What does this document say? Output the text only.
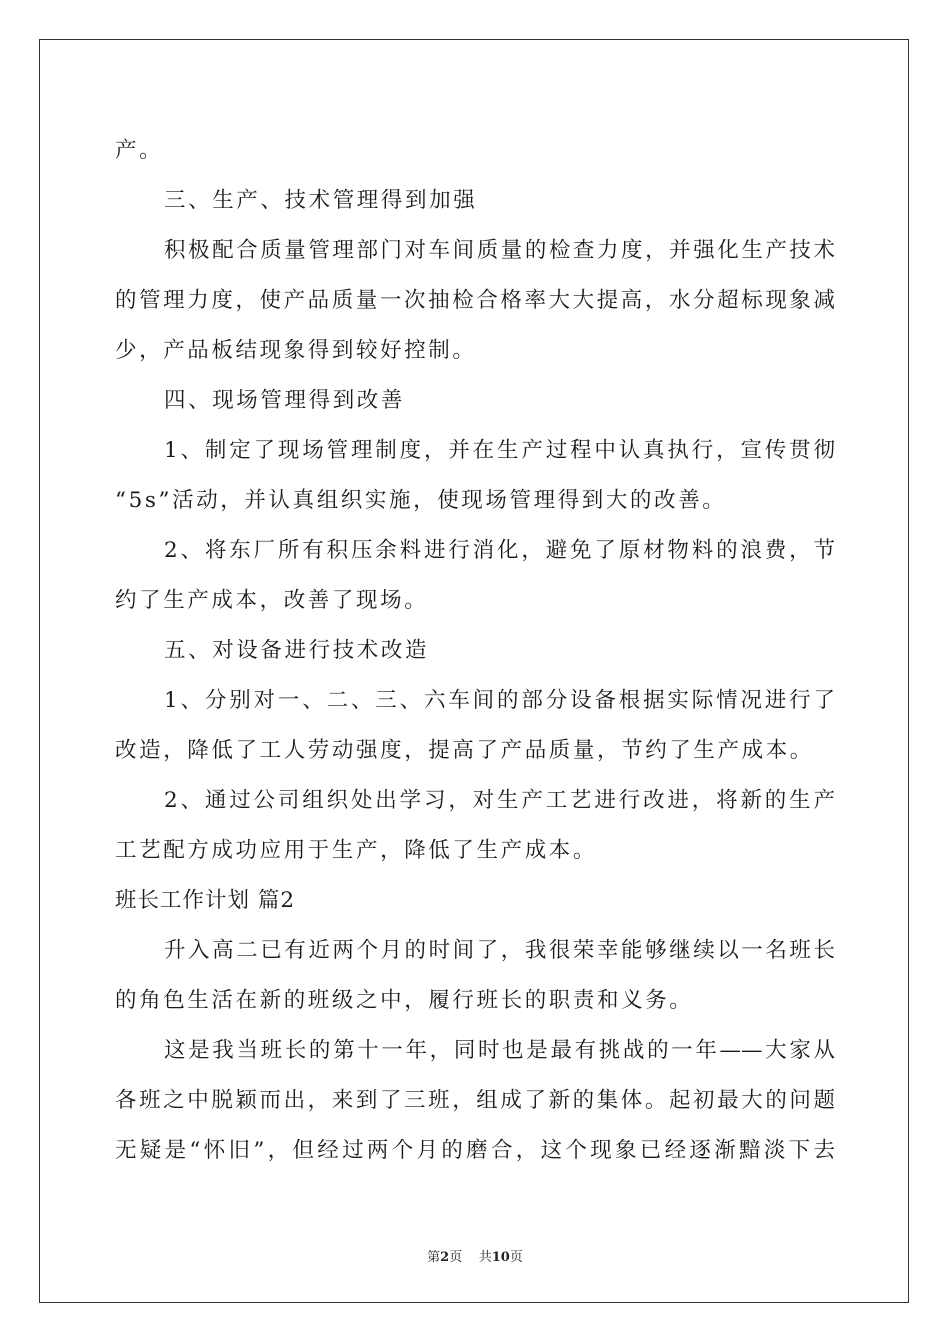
产。
三、生产、技术管理得到加强
积极配合质量管理部门对车间质量的检查力度，并强化生产技术
的管理力度，使产品质量一次抽检合格率大大提高，水分超标现象减
少，产品板结现象得到较好控制。
四、现场管理得到改善
1、制定了现场管理制度，并在生产过程中认真执行，宣传贯彻
“5s”活动，并认真组织实施，使现场管理得到大的改善。
2、将东厂所有积压余料进行消化，避免了原材物料的浪费，节
约了生产成本，改善了现场。
五、对设备进行技术改造
1、分别对一、二、三、六车间的部分设备根据实际情况进行了
改造，降低了工人劳动强度，提高了产品质量，节约了生产成本。
2、通过公司组织处出学习，对生产工艺进行改进，将新的生产
工艺配方成功应用于生产，降低了生产成本。
班长工作计划 篇2
升入高二已有近两个月的时间了，我很荣幸能够继续以一名班长
的角色生活在新的班级之中，履行班长的职责和义务。
这是我当班长的第十一年，同时也是最有挑战的一年——大家从
各班之中脱颖而出，来到了三班，组成了新的集体。起初最大的问题
无疑是“怀旧”，但经过两个月的磨合，这个现象已经逐渐黯淡下去
第2页 共10页
